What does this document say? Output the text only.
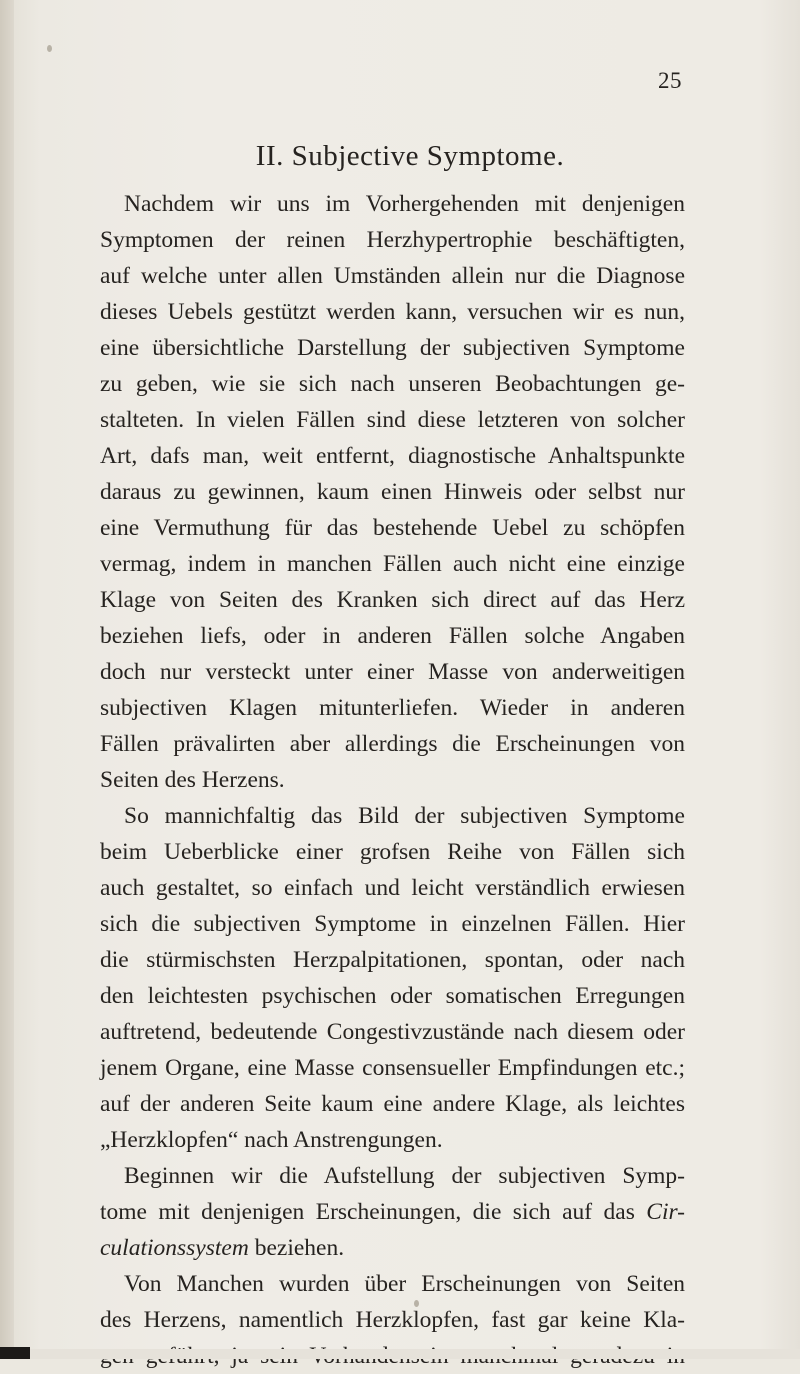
25
II. Subjective Symptome.
Nachdem wir uns im Vorhergehenden mit denjenigen
Symptomen der reinen Herzhypertrophie beschäftigten,
auf welche unter allen Umständen allein nur die Diagnose
dieses Uebels gestützt werden kann, versuchen wir es nun,
eine übersichtliche Darstellung der subjectiven Symptome
zu geben, wie sie sich nach unseren Beobachtungen ge-
stalteten. In vielen Fällen sind diese letzteren von solcher
Art, dafs man, weit entfernt, diagnostische Anhaltspunkte
daraus zu gewinnen, kaum einen Hinweis oder selbst nur
eine Vermuthung für das bestehende Uebel zu schöpfen
vermag, indem in manchen Fällen auch nicht eine einzige
Klage von Seiten des Kranken sich direct auf das Herz
beziehen liefs, oder in anderen Fällen solche Angaben
doch nur versteckt unter einer Masse von anderweitigen
subjectiven Klagen mitunterliefen. Wieder in anderen
Fällen prävalirten aber allerdings die Erscheinungen von
Seiten des Herzens.
So mannichfaltig das Bild der subjectiven Symptome
beim Ueberblicke einer grofsen Reihe von Fällen sich
auch gestaltet, so einfach und leicht verständlich erwiesen
sich die subjectiven Symptome in einzelnen Fällen. Hier
die stürmischsten Herzpalpitationen, spontan, oder nach
den leichtesten psychischen oder somatischen Erregungen
auftretend, bedeutende Congestivzustände nach diesem oder
jenem Organe, eine Masse consensueller Empfindungen etc.;
auf der anderen Seite kaum eine andere Klage, als leichtes
„Herzklopfen“ nach Anstrengungen.
Beginnen wir die Aufstellung der subjectiven Symp-
tome mit denjenigen Erscheinungen, die sich auf das Cir-
culationssystem beziehen.
Von Manchen wurden über Erscheinungen von Seiten
des Herzens, namentlich Herzklopfen, fast gar keine Kla-
